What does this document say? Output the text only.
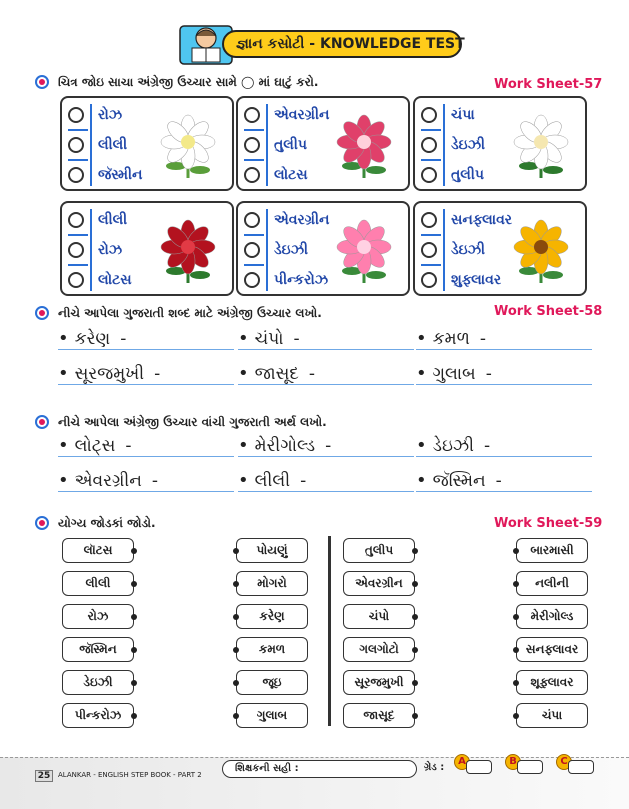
જ્ઞાન કસોટી - KNOWLEDGE TEST
ચિત્ર જોઇ સાચા અંગ્રેજી ઉચ્ચાર સામે ◯ માં ઘાટું કરો.	Work Sheet-57
રોઝ
લીલી
જૅસ્મીન
એવરગ્રીન
તુલીપ
લોટસ
ચંપા
ડેઇઝી
તુલીપ
લીલી
રોઝ
લોટસ
એવરગ્રીન
ડેઇઝી
પીન્કરોઝ
સનફ્લાવર
ડેઇઝી
શુફ્લાવર
નીચે આપેલા ગુજરાતી શબ્દ માટે અંગ્રેજી ઉચ્ચાર લખો.	Work Sheet-58
• કરેણ -	• ચંપો -	• કમળ -
• સૂરજમુખી -	• જાસૂદ -	• ગુલાબ -
નીચે આપેલા અંગ્રેજી ઉચ્ચાર વાંચી ગુજરાતી અર્થ લખો.
• લોટ્સ -	• મેરીગોલ્ડ -	• ડેઇઝી -
• એવરગ્રીન -	• લીલી -	• જૅસ્મિન -
યોગ્ય જોડકાં જોડો.	Work Sheet-59
લૉટસ
લીલી
રોઝ
જૅસ્મિન
ડેઇઝી
પીન્કરોઝ
પોયણું
મોગરો
કરેણ
કમળ
જૂઇ
ગુલાબ
તુલીપ
એવરગ્રીન
ચંપો
ગલગોટો
સૂરજમુખી
જાસૂદ
બારમાસી
નલીની
મેરીગોલ્ડ
સનફ્લાવર
શૂફ્લાવર
ચંપા
25	ALANKAR - ENGLISH STEP BOOK - PART 2
શિક્ષકની સહી :	ગ્રેડ :
A	B	C
